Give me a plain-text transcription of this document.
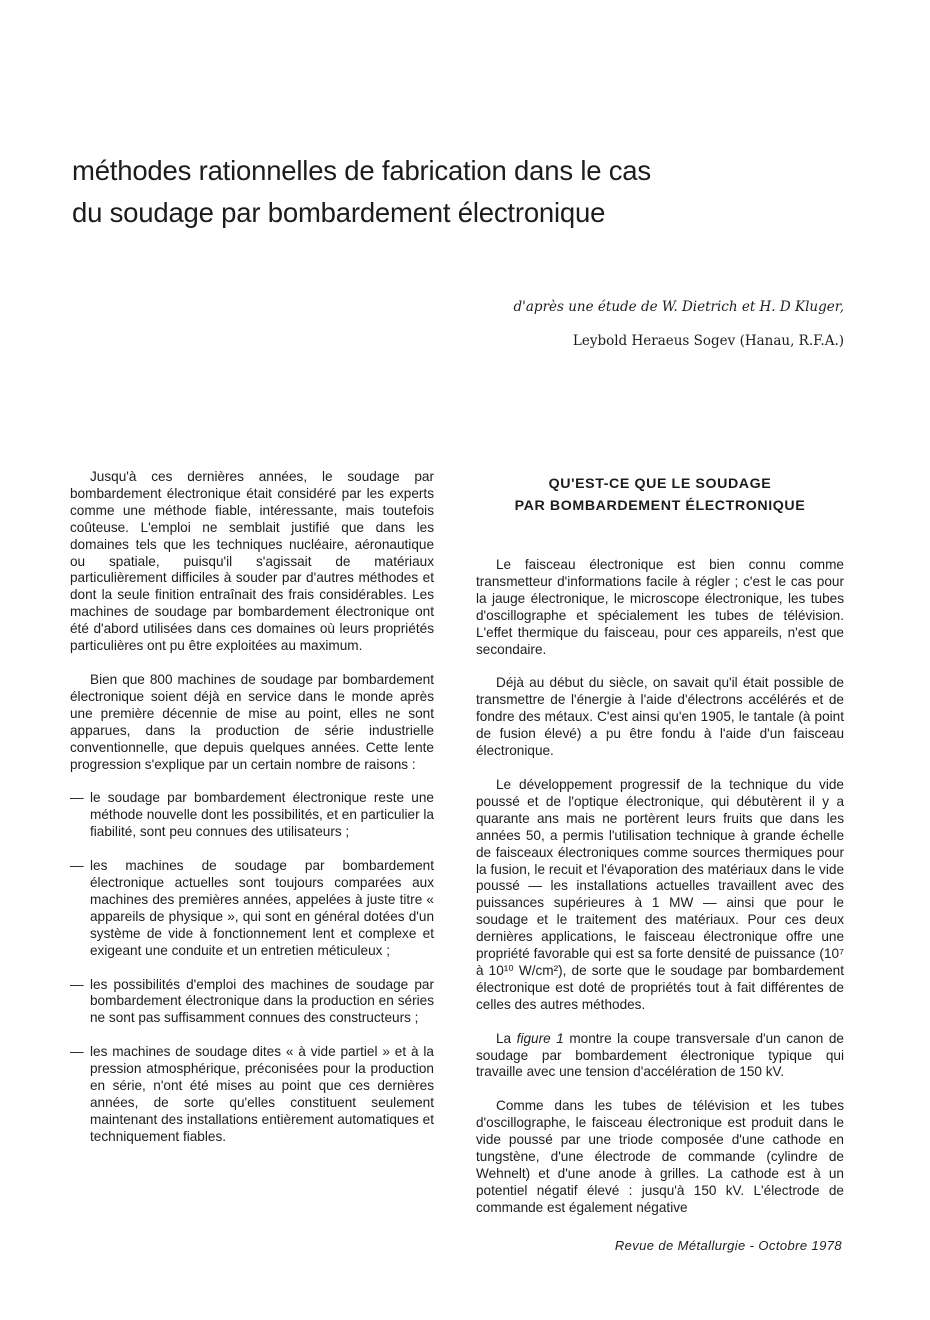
méthodes rationnelles de fabrication dans le cas
du soudage par bombardement électronique
d'après une étude de W. Dietrich et H. D Kluger,
Leybold Heraeus Sogev (Hanau, R.F.A.)

Jusqu'à ces dernières années, le soudage par bombardement électronique était considéré par les experts comme une méthode fiable, intéressante, mais toutefois coûteuse. L'emploi ne semblait justifié que dans les domaines tels que les techniques nucléaire, aéronautique ou spatiale, puisqu'il s'agissait de matériaux particulièrement difficiles à souder par d'autres méthodes et dont la seule finition entraînait des frais considérables. Les machines de soudage par bombardement électronique ont été d'abord utilisées dans ces domaines où leurs propriétés particulières ont pu être exploitées au maximum.

Bien que 800 machines de soudage par bombardement électronique soient déjà en service dans le monde après une première décennie de mise au point, elles ne sont apparues, dans la production de série industrielle conventionnelle, que depuis quelques années. Cette lente progression s'explique par un certain nombre de raisons :

— le soudage par bombardement électronique reste une méthode nouvelle dont les possibilités, et en particulier la fiabilité, sont peu connues des utilisateurs ;
— les machines de soudage par bombardement électronique actuelles sont toujours comparées aux machines des premières années, appelées à juste titre « appareils de physique », qui sont en général dotées d'un système de vide à fonctionnement lent et complexe et exigeant une conduite et un entretien méticuleux ;
— les possibilités d'emploi des machines de soudage par bombardement électronique dans la production en séries ne sont pas suffisamment connues des constructeurs ;
— les machines de soudage dites « à vide partiel » et à la pression atmosphérique, préconisées pour la production en série, n'ont été mises au point que ces dernières années, de sorte qu'elles constituent seulement maintenant des installations entièrement automatiques et techniquement fiables.
QU'EST-CE QUE LE SOUDAGE
PAR BOMBARDEMENT ÉLECTRONIQUE

Le faisceau électronique est bien connu comme transmetteur d'informations facile à régler ; c'est le cas pour la jauge électronique, le microscope électronique, les tubes d'oscillographe et spécialement les tubes de télévision. L'effet thermique du faisceau, pour ces appareils, n'est que secondaire.

Déjà au début du siècle, on savait qu'il était possible de transmettre de l'énergie à l'aide d'électrons accélérés et de fondre des métaux. C'est ainsi qu'en 1905, le tantale (à point de fusion élevé) a pu être fondu à l'aide d'un faisceau électronique.

Le développement progressif de la technique du vide poussé et de l'optique électronique, qui débutèrent il y a quarante ans mais ne portèrent leurs fruits que dans les années 50, a permis l'utilisation technique à grande échelle de faisceaux électroniques comme sources thermiques pour la fusion, le recuit et l'évaporation des matériaux dans le vide poussé — les installations actuelles travaillent avec des puissances supérieures à 1 MW — ainsi que pour le soudage et le traitement des matériaux. Pour ces deux dernières applications, le faisceau électronique offre une propriété favorable qui est sa forte densité de puissance (10⁷ à 10¹⁰ W/cm²), de sorte que le soudage par bombardement électronique est doté de propriétés tout à fait différentes de celles des autres méthodes.

La figure 1 montre la coupe transversale d'un canon de soudage par bombardement électronique typique qui travaille avec une tension d'accélération de 150 kV.

Comme dans les tubes de télévision et les tubes d'oscillographe, le faisceau électronique est produit dans le vide poussé par une triode composée d'une cathode en tungstène, d'une électrode de commande (cylindre de Wehnelt) et d'une anode à grilles. La cathode est à un potentiel négatif élevé : jusqu'à 150 kV. L'électrode de commande est également négative

Revue de Métallurgie - Octobre 1978
